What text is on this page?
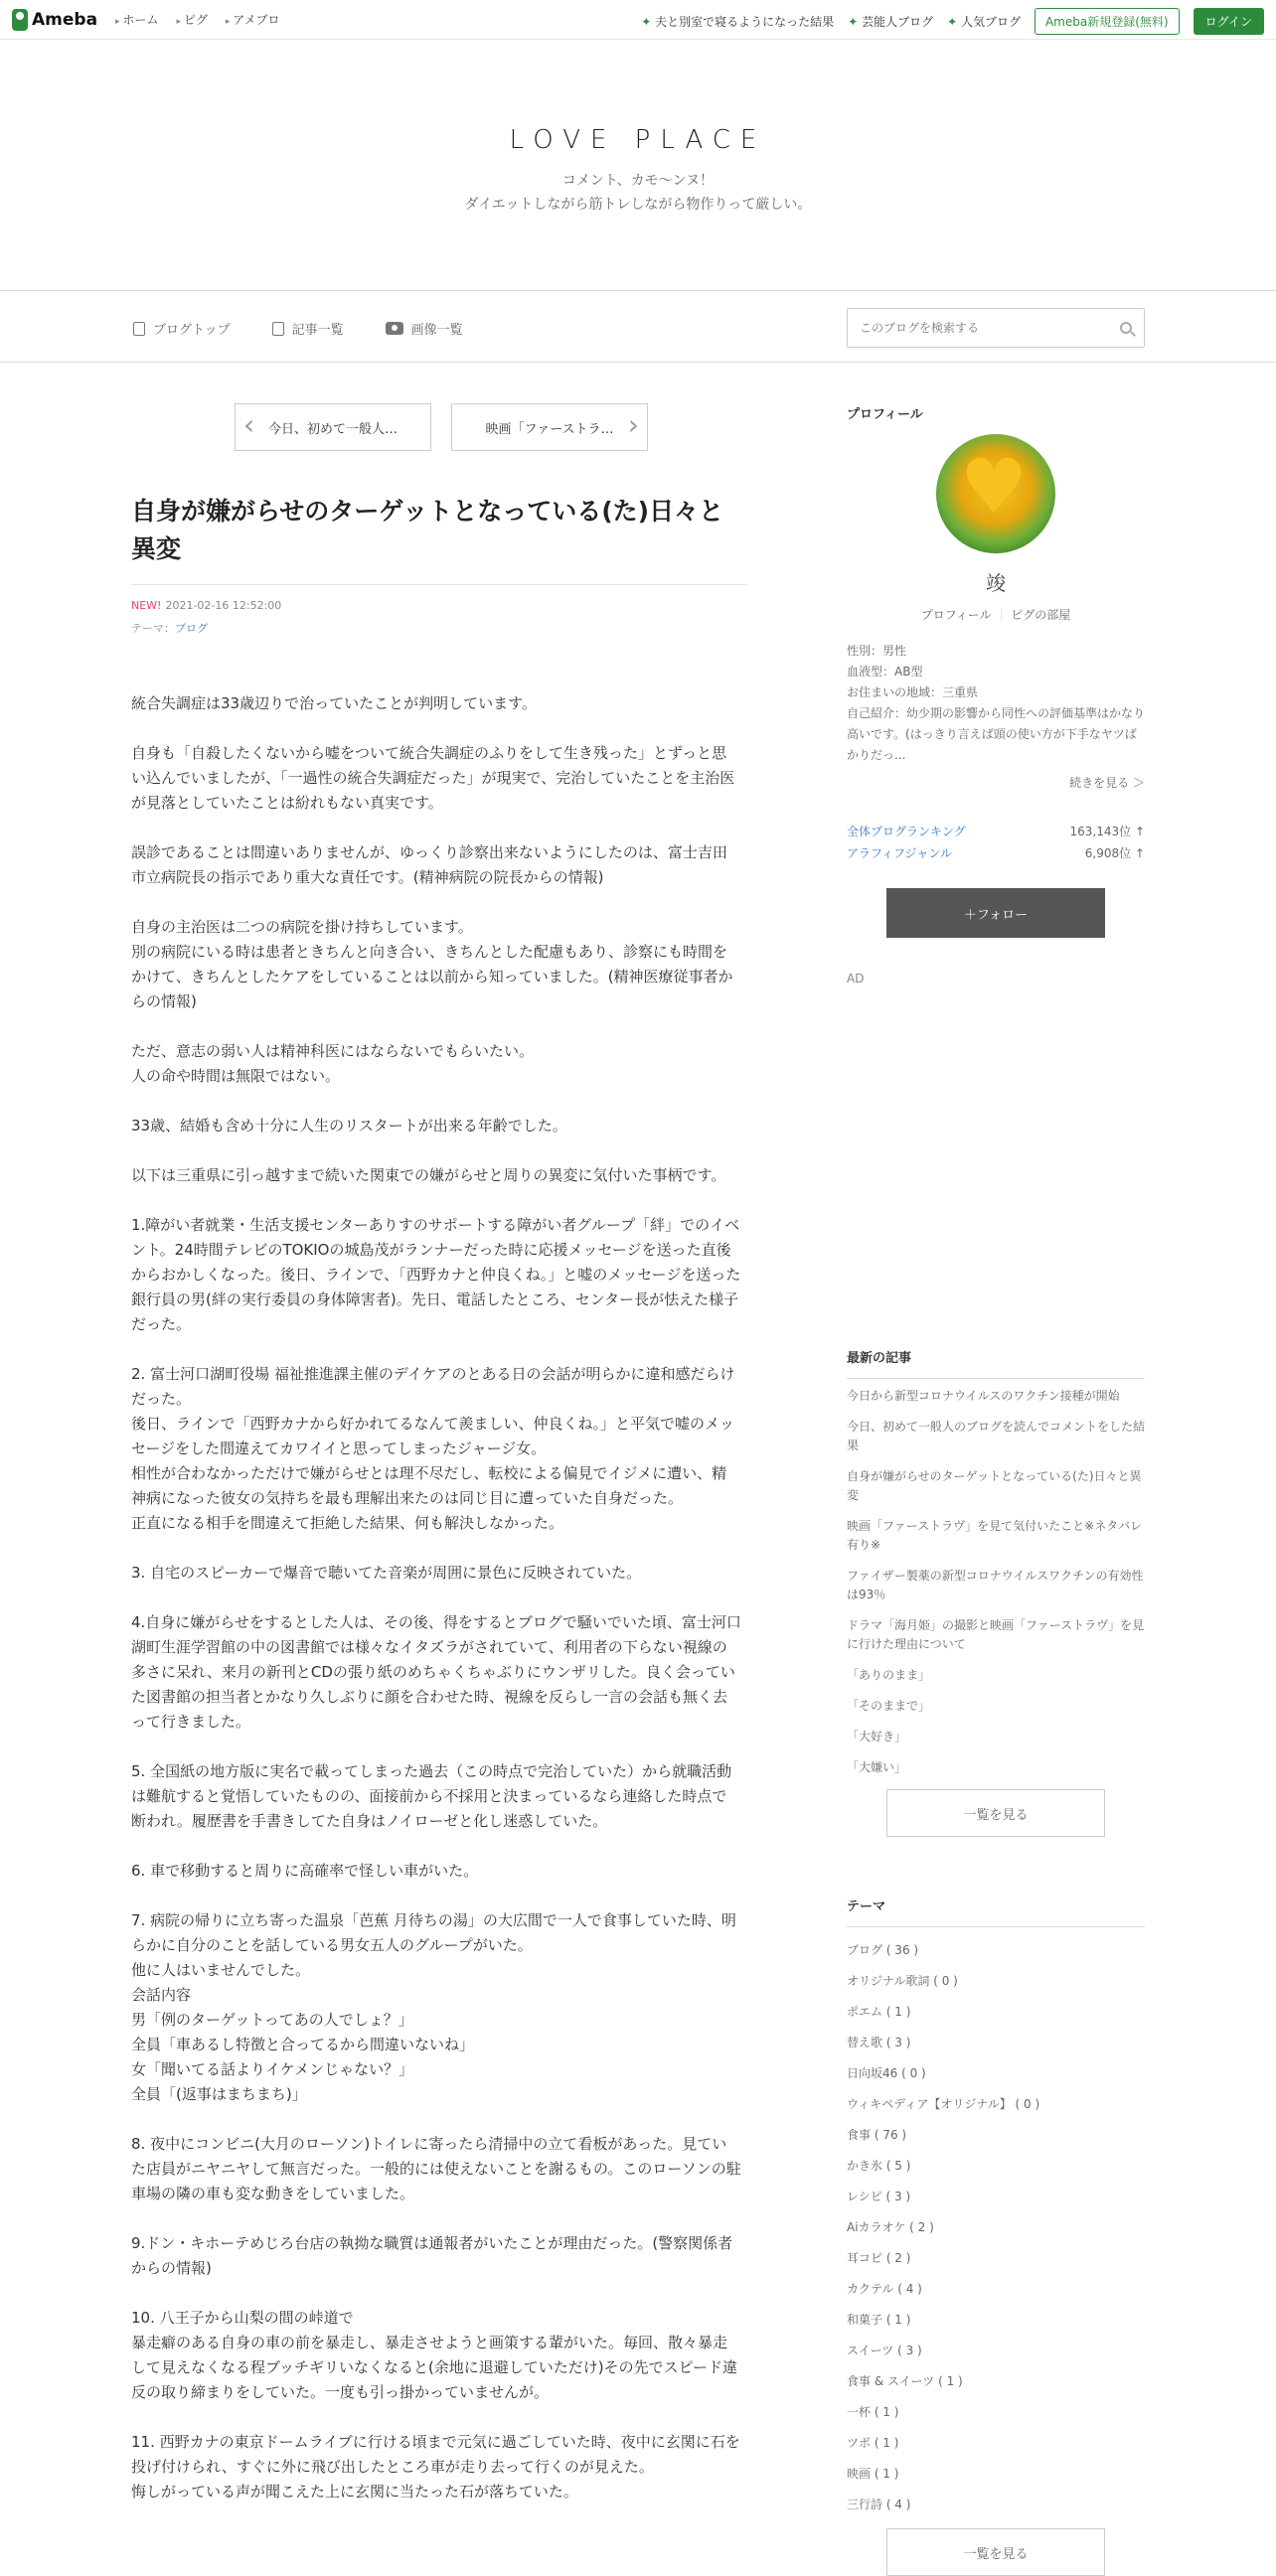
Ameba	▸ ホーム	▸ ピグ	▸ アメブロ	✦ 夫と別室で寝るようになった結果	✦ 芸能人ブログ	✦ 人気ブログ	Ameba新規登録(無料)	ログイン
LOVE PLACE
コメント、カモ〜ンヌ！
ダイエットしながら筋トレしながら物作りって厳しい。
ブログトップ	記事一覧	画像一覧
このブログを検索する
‹ 今日、初めて一般人…	映画「ファーストラ… ›
自身が嫌がらせのターゲットとなっている(た)日々と異変
NEW! 2021-02-16 12:52:00
テーマ：ブログ

統合失調症は33歳辺りで治っていたことが判明しています。

自身も「自殺したくないから嘘をついて統合失調症のふりをして生き残った」とずっと思い込んでいましたが、「一過性の統合失調症だった」が現実で、完治していたことを主治医が見落としていたことは紛れもない真実です。

誤診であることは間違いありませんが、ゆっくり診察出来ないようにしたのは、富士吉田市立病院長の指示であり重大な責任です。(精神病院の院長からの情報)

自身の主治医は二つの病院を掛け持ちしています。
別の病院にいる時は患者ときちんと向き合い、きちんとした配慮もあり、診察にも時間をかけて、きちんとしたケアをしていることは以前から知っていました。(精神医療従事者からの情報)

ただ、意志の弱い人は精神科医にはならないでもらいたい。
人の命や時間は無限ではない。

33歳、結婚も含め十分に人生のリスタートが出来る年齢でした。

以下は三重県に引っ越すまで続いた関東での嫌がらせと周りの異変に気付いた事柄です。

1.障がい者就業・生活支援センターありすのサポートする障がい者グループ「絆」でのイベント。24時間テレビのTOKIOの城島茂がランナーだった時に応援メッセージを送った直後からおかしくなった。後日、ラインで、「西野カナと仲良くね。」と嘘のメッセージを送った銀行員の男(絆の実行委員の身体障害者)。先日、電話したところ、センター長が怯えた様子だった。

2. 富士河口湖町役場 福祉推進課主催のデイケアのとある日の会話が明らかに違和感だらけだった。
後日、ラインで「西野カナから好かれてるなんて羨ましい、仲良くね。」と平気で嘘のメッセージをした間違えてカワイイと思ってしまったジャージ女。
相性が合わなかっただけで嫌がらせとは理不尽だし、転校による偏見でイジメに遭い、精神病になった彼女の気持ちを最も理解出来たのは同じ目に遭っていた自身だった。
正直になる相手を間違えて拒絶した結果、何も解決しなかった。

3. 自宅のスピーカーで爆音で聴いてた音楽が周囲に景色に反映されていた。

4.自身に嫌がらせをするとした人は、その後、得をするとブログで騒いでいた頃、富士河口湖町生涯学習館の中の図書館では様々なイタズラがされていて、利用者の下らない視線の多さに呆れ、来月の新刊とCDの張り紙のめちゃくちゃぶりにウンザリした。良く会っていた図書館の担当者とかなり久しぶりに顔を合わせた時、視線を反らし一言の会話も無く去って行きました。

5. 全国紙の地方版に実名で載ってしまった過去（この時点で完治していた）から就職活動は難航すると覚悟していたものの、面接前から不採用と決まっているなら連絡した時点で断われ。履歴書を手書きしてた自身はノイローゼと化し迷惑していた。

6. 車で移動すると周りに高確率で怪しい車がいた。

7. 病院の帰りに立ち寄った温泉「芭蕉 月待ちの湯」の大広間で一人で食事していた時、明らかに自分のことを話している男女五人のグループがいた。
他に人はいませんでした。
会話内容
男「例のターゲットってあの人でしょ？」
全員「車あるし特徴と合ってるから間違いないね」
女「聞いてる話よりイケメンじゃない？」
全員「(返事はまちまち)」

8. 夜中にコンビニ(大月のローソン)トイレに寄ったら清掃中の立て看板があった。見ていた店員がニヤニヤして無言だった。一般的には使えないことを謝るもの。このローソンの駐車場の隣の車も変な動きをしていました。

9.ドン・キホーテめじろ台店の執拗な職質は通報者がいたことが理由だった。(警察関係者からの情報)

10. 八王子から山梨の間の峠道で
暴走癖のある自身の車の前を暴走し、暴走させようと画策する輩がいた。毎回、散々暴走して見えなくなる程ブッチギリいなくなると(余地に退避していただけ)その先でスピード違反の取り締まりをしていた。一度も引っ掛かっていませんが。

11. 西野カナの東京ドームライブに行ける頃まで元気に過ごしていた時、夜中に玄関に石を投げ付けられ、すぐに外に飛び出したところ車が走り去って行くのが見えた。
悔しがっている声が聞こえた上に玄関に当たった石が落ちていた。

プロフィール
♥
竣
プロフィール ｜ ピグの部屋
性別：男性
血液型：AB型
お住まいの地域：三重県
自己紹介：幼少期の影響から同性への評価基準はかなり高いです。(はっきり言えば頭の使い方が下手なヤツばかりだっ...
続きを見る ＞
全体ブログランキング	163,143位 ↑
アラフィフジャンル	6,908位 ↑
＋フォロー
AD
最新の記事
今日から新型コロナウイルスのワクチン接種が開始
今日、初めて一般人のブログを読んでコメントをした結果
自身が嫌がらせのターゲットとなっている(た)日々と異変
映画「ファーストラヴ」を見て気付いたこと※ネタバレ有り※
ファイザー製薬の新型コロナウイルスワクチンの有効性は93％
ドラマ「海月姫」の撮影と映画「ファーストラヴ」を見に行けた理由について
「ありのまま」
「そのままで」
「大好き」
「大嫌い」
一覧を見る
テーマ
ブログ ( 36 )
オリジナル歌詞 ( 0 )
ポエム ( 1 )
替え歌 ( 3 )
日向坂46 ( 0 )
ウィキペディア【オリジナル】 ( 0 )
食事 ( 76 )
かき氷 ( 5 )
レシピ ( 3 )
Aiカラオケ ( 2 )
耳コピ ( 2 )
カクテル ( 4 )
和菓子 ( 1 )
スイーツ ( 3 )
食事 & スイーツ ( 1 )
一杯 ( 1 )
ツボ ( 1 )
映画 ( 1 )
三行詩 ( 4 )
一覧を見る
